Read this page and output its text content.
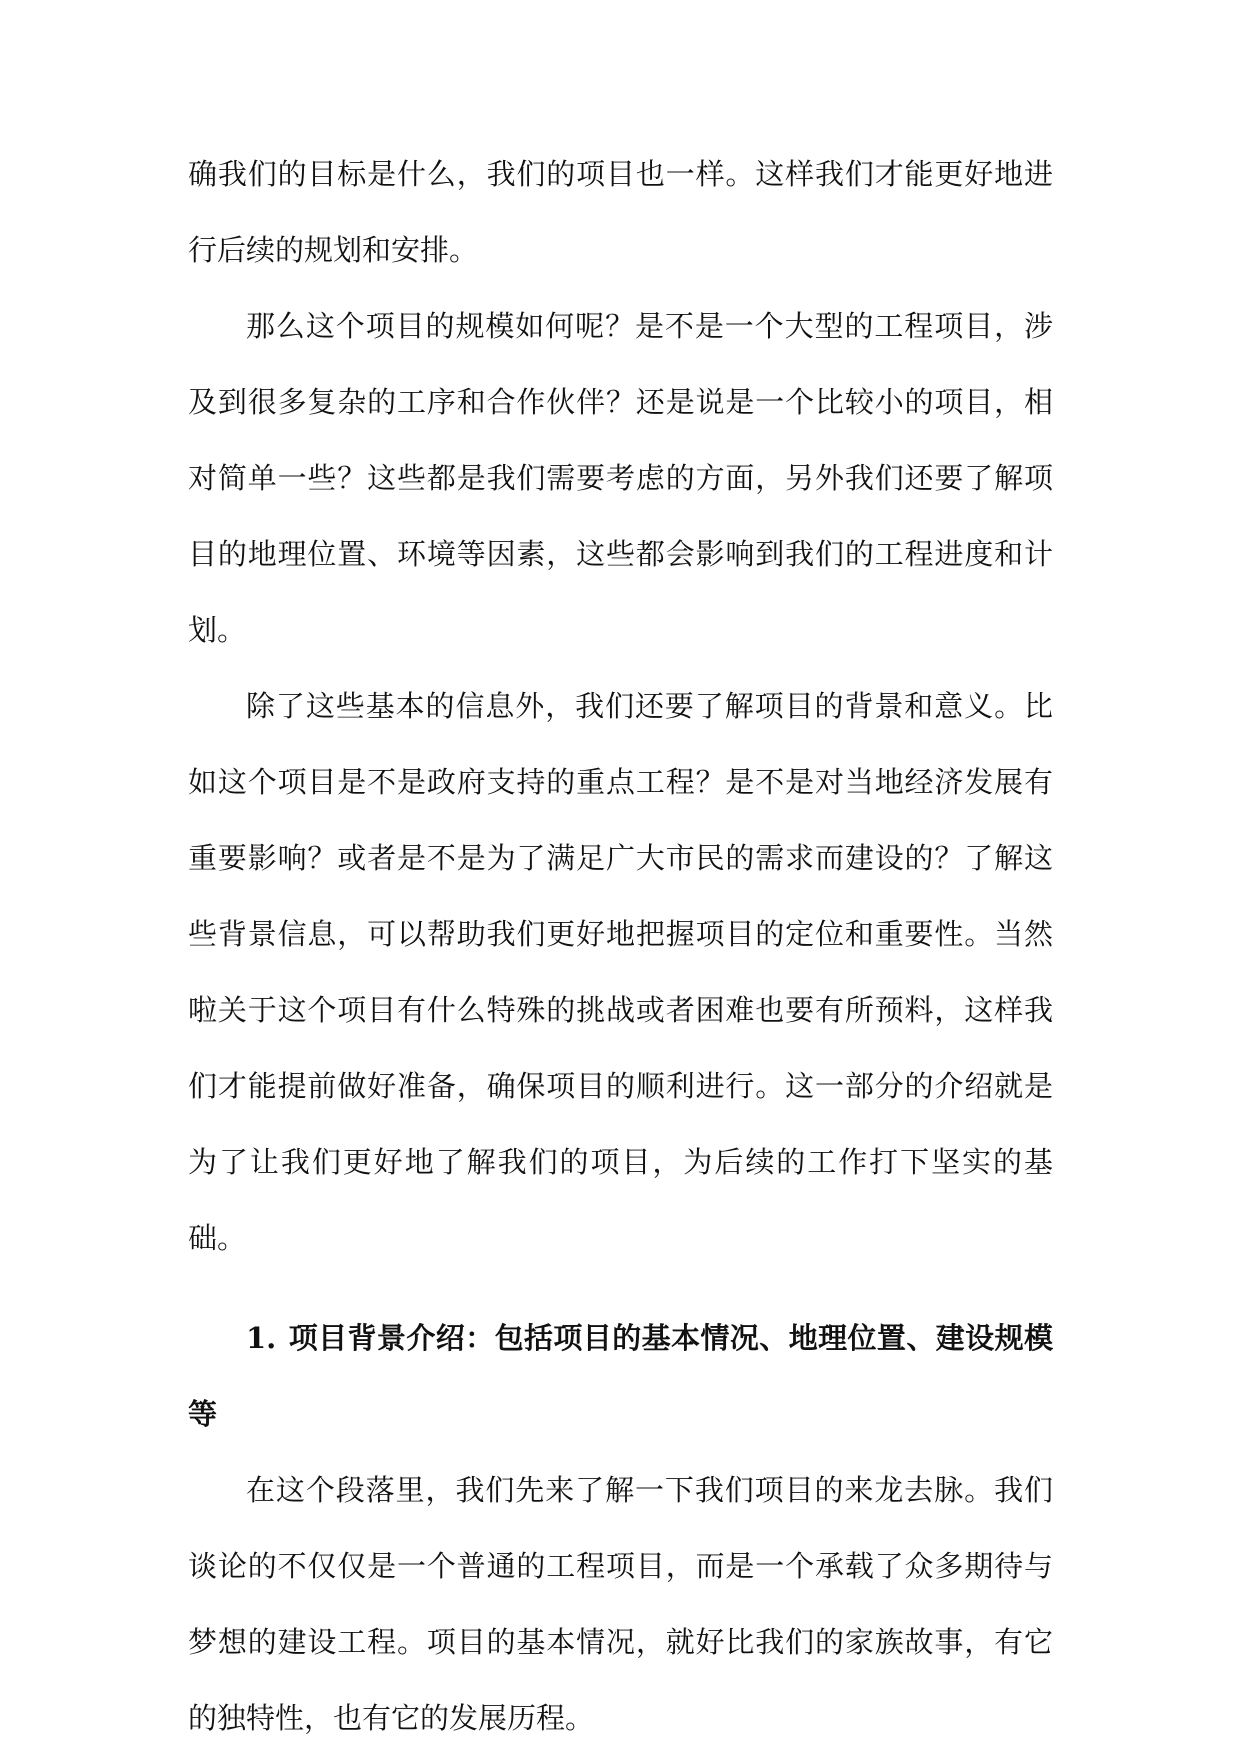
确我们的目标是什么，我们的项目也一样。这样我们才能更好地进行后续的规划和安排。

那么这个项目的规模如何呢？是不是一个大型的工程项目，涉及到很多复杂的工序和合作伙伴？还是说是一个比较小的项目，相对简单一些？这些都是我们需要考虑的方面，另外我们还要了解项目的地理位置、环境等因素，这些都会影响到我们的工程进度和计划。

除了这些基本的信息外，我们还要了解项目的背景和意义。比如这个项目是不是政府支持的重点工程？是不是对当地经济发展有重要影响？或者是不是为了满足广大市民的需求而建设的？了解这些背景信息，可以帮助我们更好地把握项目的定位和重要性。当然啦关于这个项目有什么特殊的挑战或者困难也要有所预料，这样我们才能提前做好准备，确保项目的顺利进行。这一部分的介绍就是为了让我们更好地了解我们的项目，为后续的工作打下坚实的基础。

1. 项目背景介绍：包括项目的基本情况、地理位置、建设规模等

在这个段落里，我们先来了解一下我们项目的来龙去脉。我们谈论的不仅仅是一个普通的工程项目，而是一个承载了众多期待与梦想的建设工程。项目的基本情况，就好比我们的家族故事，有它的独特性，也有它的发展历程。
